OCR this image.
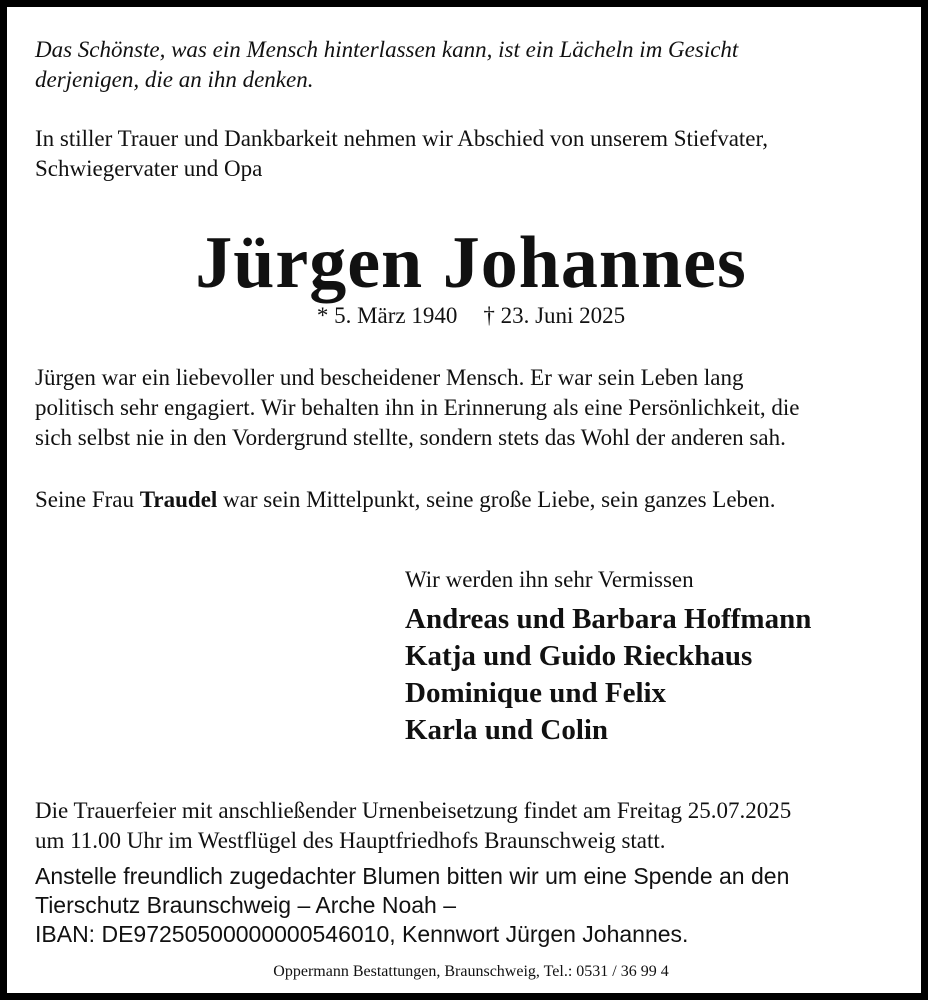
Das Schönste, was ein Mensch hinterlassen kann, ist ein Lächeln im Gesicht
derjenigen, die an ihn denken.
In stiller Trauer und Dankbarkeit nehmen wir Abschied von unserem Stiefvater,
Schwiegervater und Opa
Jürgen Johannes
* 5. März 1940 † 23. Juni 2025
Jürgen war ein liebevoller und bescheidener Mensch. Er war sein Leben lang
politisch sehr engagiert. Wir behalten ihn in Erinnerung als eine Persönlichkeit, die
sich selbst nie in den Vordergrund stellte, sondern stets das Wohl der anderen sah.
Seine Frau Traudel war sein Mittelpunkt, seine große Liebe, sein ganzes Leben.
Wir werden ihn sehr Vermissen
Andreas und Barbara Hoffmann
Katja und Guido Rieckhaus
Dominique und Felix
Karla und Colin
Die Trauerfeier mit anschließender Urnenbeisetzung findet am Freitag 25.07.2025
um 11.00 Uhr im Westflügel des Hauptfriedhofs Braunschweig statt.
Anstelle freundlich zugedachter Blumen bitten wir um eine Spende an den
Tierschutz Braunschweig – Arche Noah –
IBAN: DE97250500000000546010, Kennwort Jürgen Johannes.
Oppermann Bestattungen, Braunschweig, Tel.: 0531 / 36 99 4
